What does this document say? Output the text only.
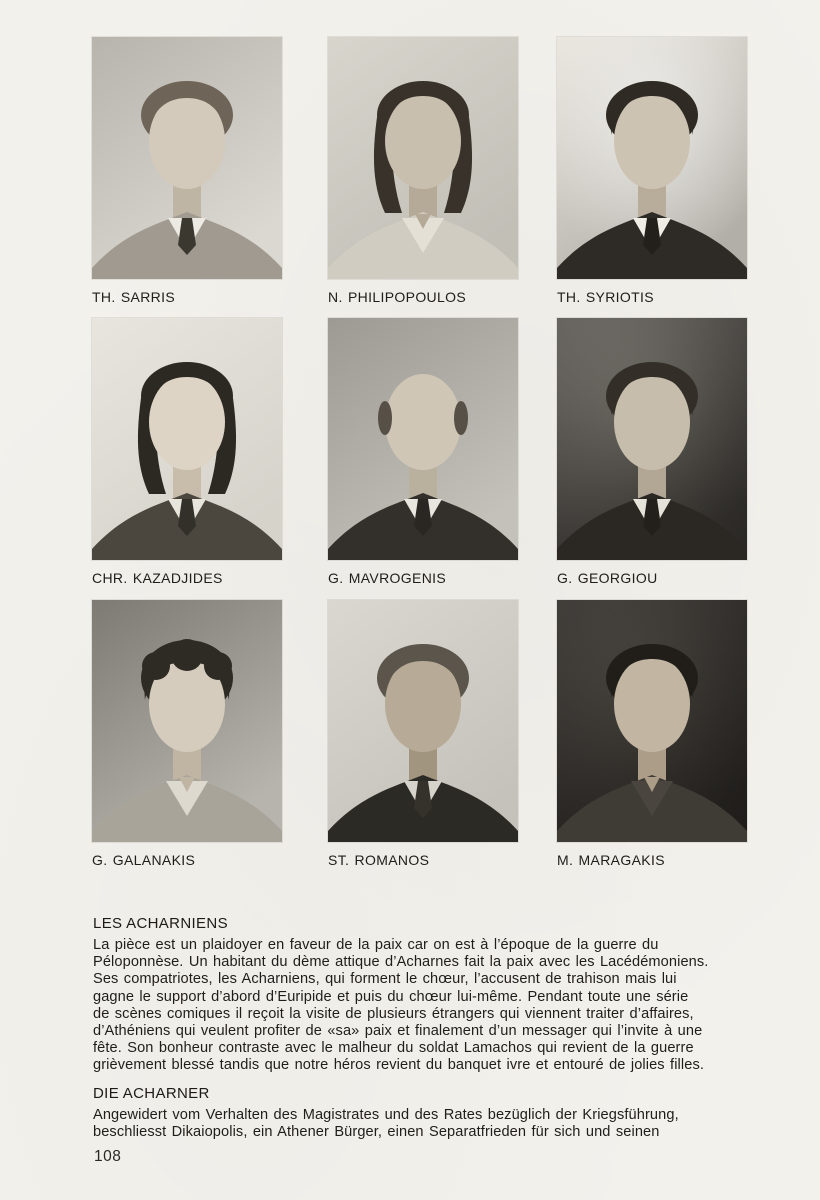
TH. SARRIS	N. PHILIPOPOULOS	TH. SYRIOTIS
CHR. KAZADJIDES	G. MAVROGENIS	G. GEORGIOU
G. GALANAKIS	ST. ROMANOS	M. MARAGAKIS
LES ACHARNIENS
La pièce est un plaidoyer en faveur de la paix car on est à l’époque de la guerre du
Péloponnèse. Un habitant du dème attique d’Acharnes fait la paix avec les Lacédémoniens.
Ses compatriotes, les Acharniens, qui forment le chœur, l’accusent de trahison mais lui
gagne le support d’abord d’Euripide et puis du chœur lui-même. Pendant toute une série
de scènes comiques il reçoit la visite de plusieurs étrangers qui viennent traiter d’affaires,
d’Athéniens qui veulent profiter de «sa» paix et finalement d’un messager qui l’invite à une
fête. Son bonheur contraste avec le malheur du soldat Lamachos qui revient de la guerre
grièvement blessé tandis que notre héros revient du banquet ivre et entouré de jolies filles.
DIE ACHARNER
Angewidert vom Verhalten des Magistrates und des Rates bezüglich der Kriegsführung,
beschliesst Dikaiopolis, ein Athener Bürger, einen Separatfrieden für sich und seinen
108
